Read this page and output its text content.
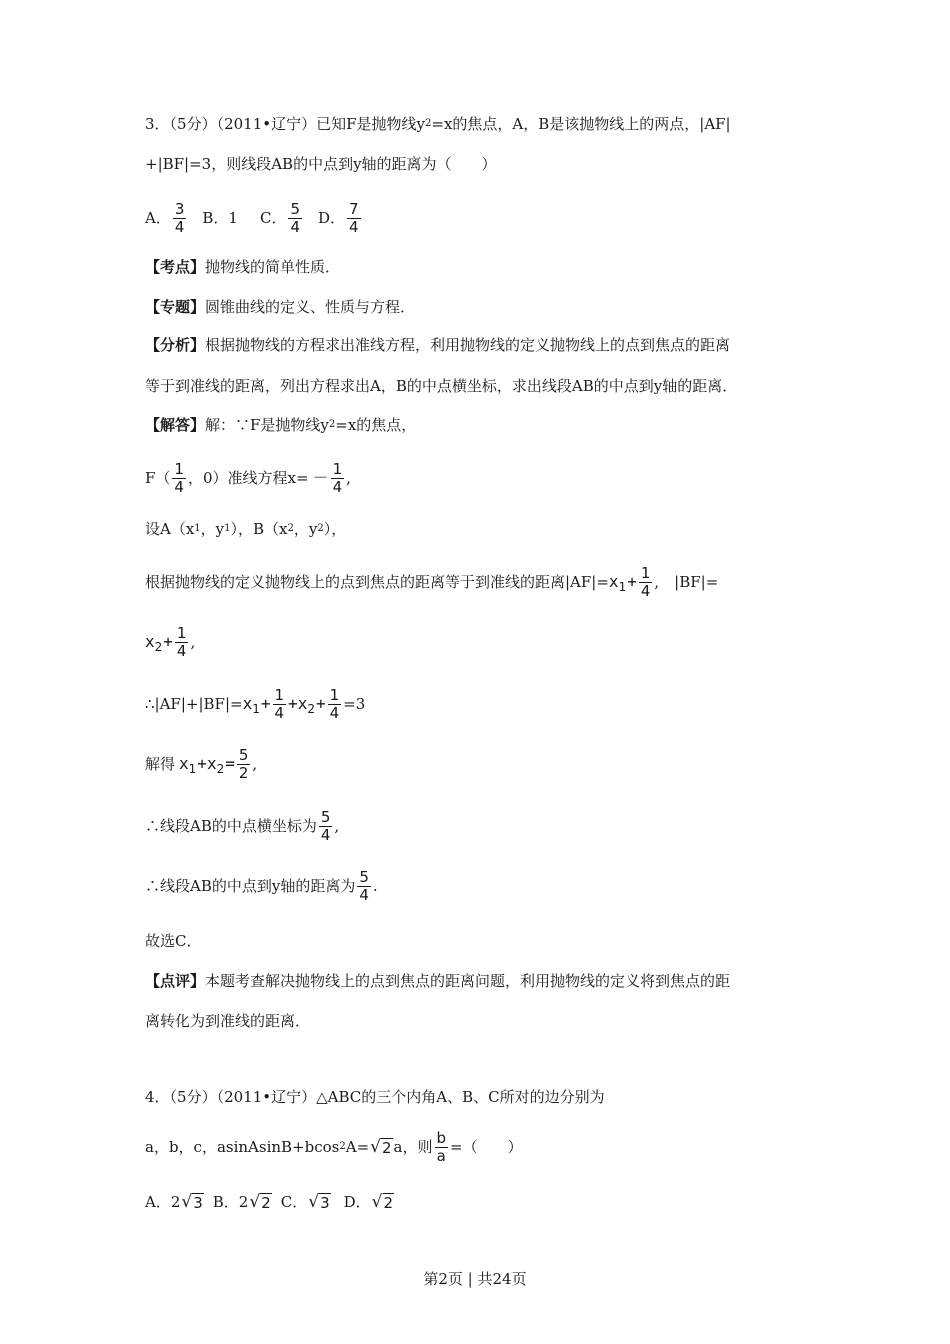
3．（5分）（2011•辽宁）已知F是抛物线y 2 =x的焦点，A，B是该抛物线上的两点，|AF|
+|BF|=3，则线段AB的中点到y轴的距离为（　　）
A． $\frac{3}{4}$ B．1 C． $\frac{5}{4}$ D． $\frac{7}{4}$
【考点】 抛物线的简单性质．
【专题】 圆锥曲线的定义、性质与方程．
【分析】 根据抛物线的方程求出准线方程，利用抛物线的定义抛物线上的点到焦点的距离
等于到准线的距离，列出方程求出A，B的中点横坐标，求出线段AB的中点到y轴的距离．
【解答】 解：∵F是抛物线y 2 =x的焦点，
$F( \frac{1}{4}$ ，0）准线方程$x= - \frac{1}{4}$ ,
设A（x 1 ，y 1 ），B（x 2 ，y 2 ），
根据抛物线的定义抛物线上的点到焦点的距离等于到准线的距离|AF|= x $1 + \frac{1}{4}$ ,　|BF|=
x $2 + \frac{1}{4}$ ,
∴|AF|+|BF|= x $1 + \frac{1}{4} + x$ $2 + \frac{1}{4} =3$
解得 x 1 + x $2 = \frac{5}{2}$ ,
∴线段AB的中点横坐标为 $\frac{5}{4}$ ,
∴线段AB的中点到y轴的距离为 $\frac{5}{4}$ .
故选C．
【点评】 本题考查解决抛物线上的点到焦点的距离问题，利用抛物线的定义将到焦点的距
离转化为到准线的距离．
4．（5分）（2011•辽宁）△ABC的三个内角A、B、C所对的边分别为
a，b，c，asinAsinB+bcos 2 A= √ 2 a，则 $\frac{b}{a}$ =（　　）
A．2 √ 3 B．2 √ 2 C． √ 3 D． √ 2
第2页 | 共24页
